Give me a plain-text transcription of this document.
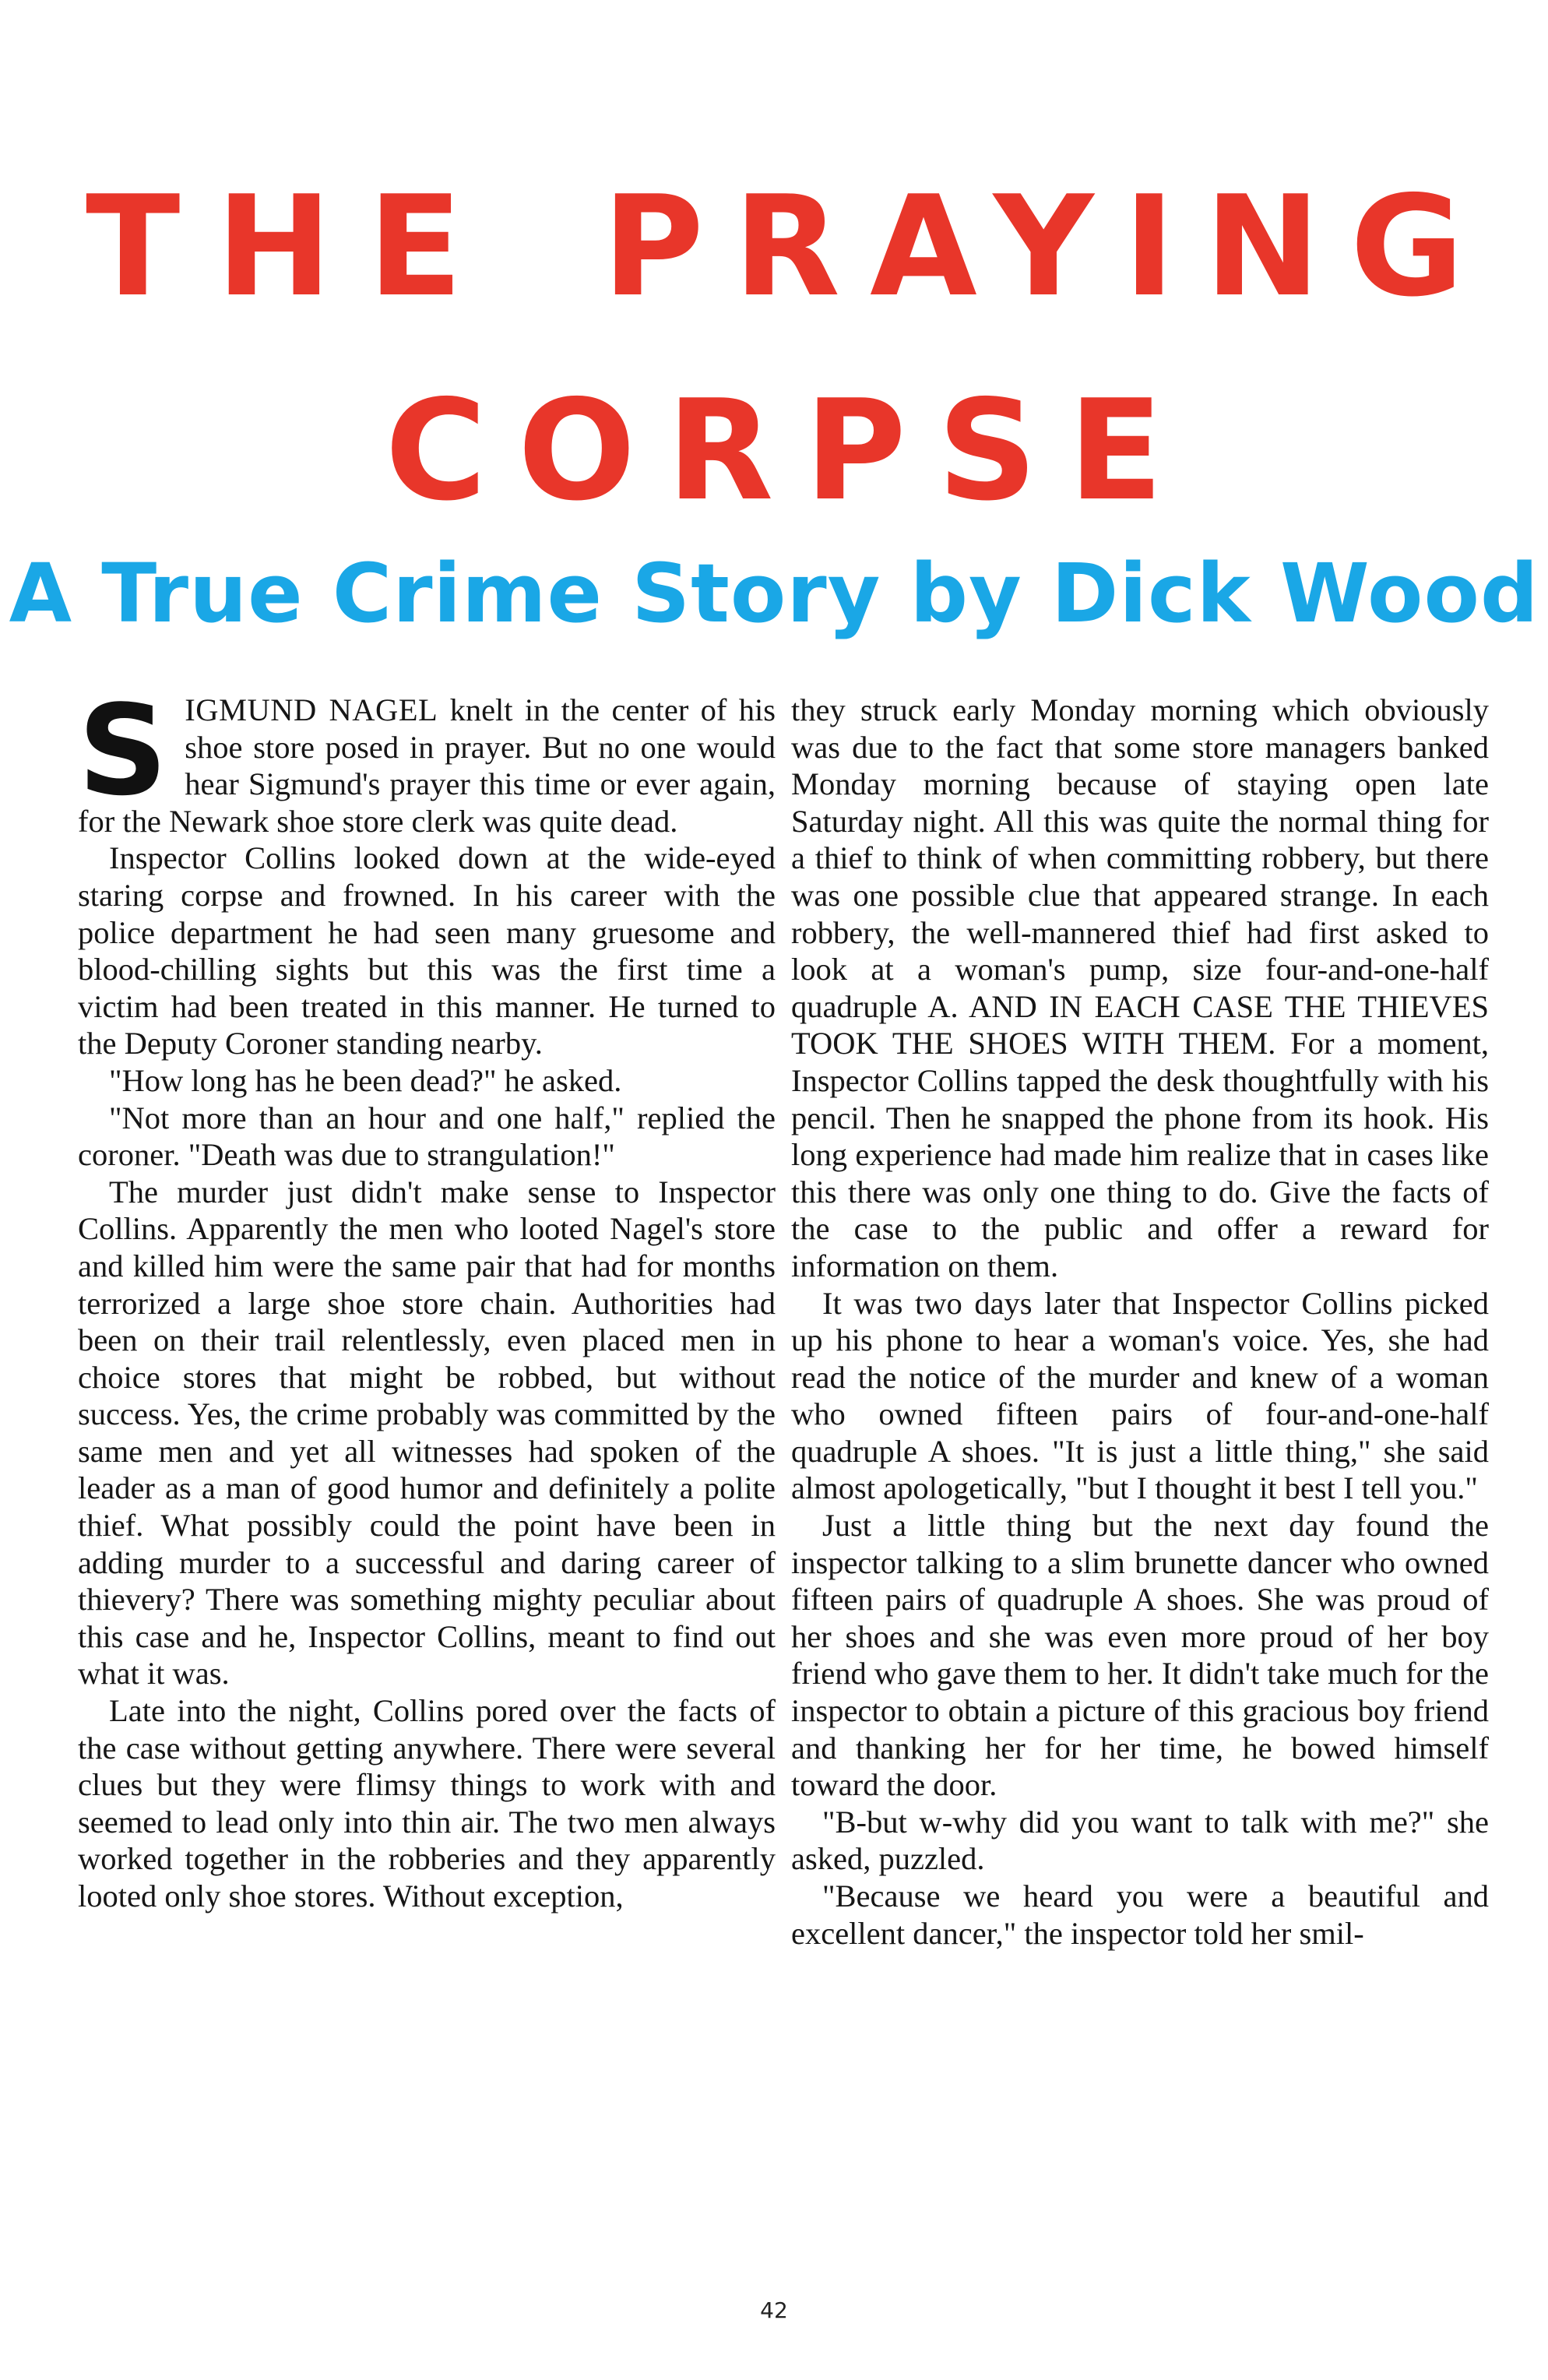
THE PRAYING
CORPSE
A True Crime Story by Dick Wood

SIGMUND NAGEL knelt in the center of his shoe store posed in prayer. But no one would hear Sigmund's prayer this time or ever again, for the Newark shoe store clerk was quite dead.

Inspector Collins looked down at the wide-eyed staring corpse and frowned. In his career with the police department he had seen many gruesome and blood-chilling sights but this was the first time a victim had been treated in this manner. He turned to the Deputy Coroner standing nearby.

"How long has he been dead?" he asked.

"Not more than an hour and one half," replied the coroner. "Death was due to strangulation!"

The murder just didn't make sense to Inspector Collins. Apparently the men who looted Nagel's store and killed him were the same pair that had for months terrorized a large shoe store chain. Authorities had been on their trail relentlessly, even placed men in choice stores that might be robbed, but without success. Yes, the crime probably was committed by the same men and yet all witnesses had spoken of the leader as a man of good humor and definitely a polite thief. What possibly could the point have been in adding murder to a successful and daring career of thievery? There was something mighty peculiar about this case and he, Inspector Collins, meant to find out what it was.

Late into the night, Collins pored over the facts of the case without getting anywhere. There were several clues but they were flimsy things to work with and seemed to lead only into thin air. The two men always worked together in the robberies and they apparently looted only shoe stores. Without exception,

they struck early Monday morning which obviously was due to the fact that some store managers banked Monday morning because of staying open late Saturday night. All this was quite the normal thing for a thief to think of when committing robbery, but there was one possible clue that appeared strange. In each robbery, the well-mannered thief had first asked to look at a woman's pump, size four-and-one-half quadruple A. AND IN EACH CASE THE THIEVES TOOK THE SHOES WITH THEM. For a moment, Inspector Collins tapped the desk thoughtfully with his pencil. Then he snapped the phone from its hook. His long experience had made him realize that in cases like this there was only one thing to do. Give the facts of the case to the public and offer a reward for information on them.

It was two days later that Inspector Collins picked up his phone to hear a woman's voice. Yes, she had read the notice of the murder and knew of a woman who owned fifteen pairs of four-and-one-half quadruple A shoes. "It is just a little thing," she said almost apologetically, "but I thought it best I tell you."

Just a little thing but the next day found the inspector talking to a slim brunette dancer who owned fifteen pairs of quadruple A shoes. She was proud of her shoes and she was even more proud of her boy friend who gave them to her. It didn't take much for the inspector to obtain a picture of this gracious boy friend and thanking her for her time, he bowed himself toward the door.

"B-but w-why did you want to talk with me?" she asked, puzzled.

"Because we heard you were a beautiful and excellent dancer," the inspector told her smil-

42
